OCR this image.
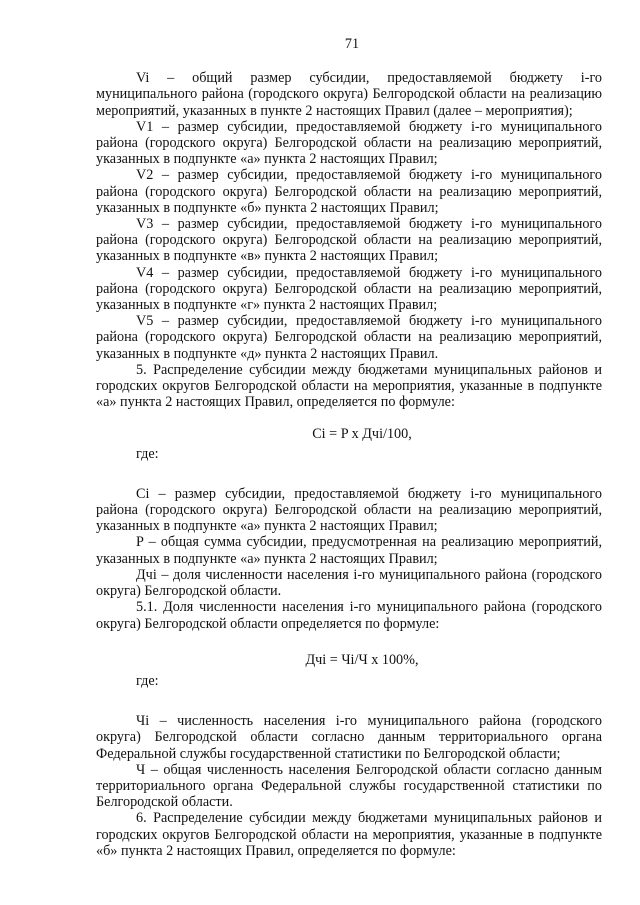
71

Vi – общий размер субсидии, предоставляемой бюджету i-го муниципального района (городского округа) Белгородской области на реализацию мероприятий, указанных в пункте 2 настоящих Правил (далее – мероприятия);

V1 – размер субсидии, предоставляемой бюджету i-го муниципального района (городского округа) Белгородской области на реализацию мероприятий, указанных в подпункте «а» пункта 2 настоящих Правил;

V2 – размер субсидии, предоставляемой бюджету i-го муниципального района (городского округа) Белгородской области на реализацию мероприятий, указанных в подпункте «б» пункта 2 настоящих Правил;

V3 – размер субсидии, предоставляемой бюджету i-го муниципального района (городского округа) Белгородской области на реализацию мероприятий, указанных в подпункте «в» пункта 2 настоящих Правил;

V4 – размер субсидии, предоставляемой бюджету i-го муниципального района (городского округа) Белгородской области на реализацию мероприятий, указанных в подпункте «г» пункта 2 настоящих Правил;

V5 – размер субсидии, предоставляемой бюджету i-го муниципального района (городского округа) Белгородской области на реализацию мероприятий, указанных в подпункте «д» пункта 2 настоящих Правил.

5. Распределение субсидии между бюджетами муниципальных районов и городских округов Белгородской области на мероприятия, указанные в подпункте «а» пункта 2 настоящих Правил, определяется по формуле:

Ci = P x Дчi/100,
где:

Ci – размер субсидии, предоставляемой бюджету i-го муниципального района (городского округа) Белгородской области на реализацию мероприятий, указанных в подпункте «а» пункта 2 настоящих Правил;

P – общая сумма субсидии, предусмотренная на реализацию мероприятий, указанных в подпункте «а» пункта 2 настоящих Правил;

Дчi – доля численности населения i-го муниципального района (городского округа) Белгородской области.

5.1. Доля численности населения i-го муниципального района (городского округа) Белгородской области определяется по формуле:

Дчi = Чi/Ч x 100%,
где:

Чi – численность населения i-го муниципального района (городского округа) Белгородской области согласно данным территориального органа Федеральной службы государственной статистики по Белгородской области;

Ч – общая численность населения Белгородской области согласно данным территориального органа Федеральной службы государственной статистики по Белгородской области.

6. Распределение субсидии между бюджетами муниципальных районов и городских округов Белгородской области на мероприятия, указанные в подпункте «б» пункта 2 настоящих Правил, определяется по формуле:
